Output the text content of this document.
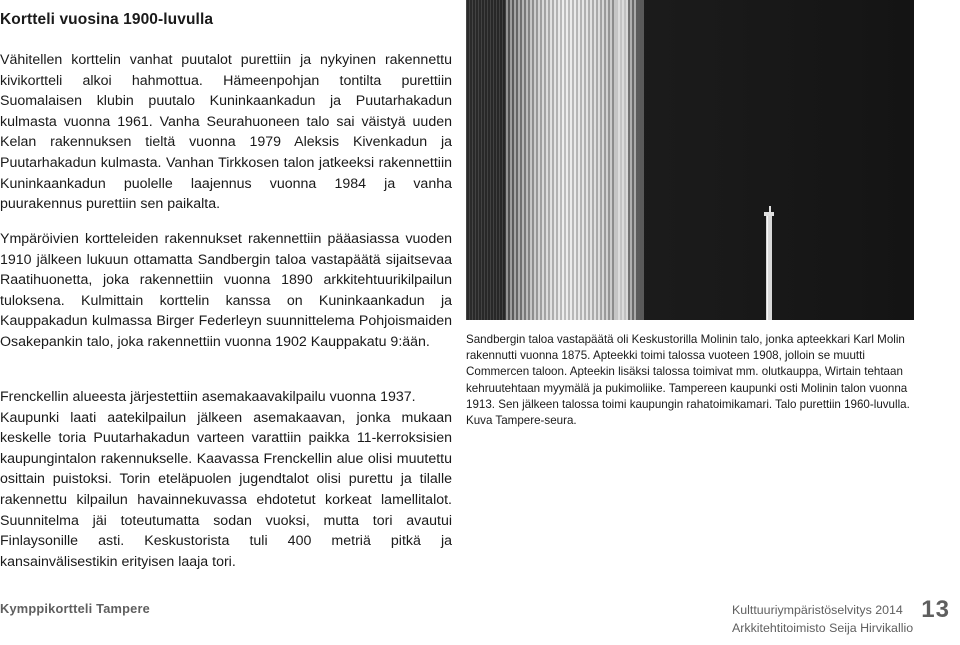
Kortteli vuosina 1900-luvulla

Vähitellen korttelin vanhat puutalot purettiin ja nykyinen rakennettu kivikortteli alkoi hahmottua. Hämeenpohjan tontilta purettiin Suomalaisen klubin puutalo Kuninkaankadun ja Puutarhakadun kulmasta vuonna 1961. Vanha Seurahuoneen talo sai väistyä uuden Kelan rakennuksen tieltä vuonna 1979 Aleksis Kivenkadun ja Puutarhakadun kulmasta. Vanhan Tirkkosen talon jatkeeksi rakennettiin Kuninkaankadun puolelle laajennus vuonna 1984 ja vanha puurakennus purettiin sen paikalta.

Ympäröivien kortteleiden rakennukset rakennettiin pääasiassa vuoden 1910 jälkeen lukuun ottamatta Sandbergin taloa vastapäätä sijaitsevaa Raatihuonetta, joka rakennettiin vuonna 1890 arkkitehtuurikilpailun tuloksena. Kulmittain korttelin kanssa on Kuninkaankadun ja Kauppakadun kulmassa Birger Federleyn suunnittelema Pohjoismaiden Osakepankin talo, joka rakennettiin vuonna 1902 Kauppakatu 9:ään.

Frenckellin alueesta järjestettiin asemakaavakilpailu vuonna 1937.
Kaupunki laati aatekilpailun jälkeen asemakaavan, jonka mukaan keskelle toria Puutarhakadun varteen varattiin paikka 11-kerroksisien kaupungintalon rakennukselle. Kaavassa Frenckellin alue olisi muutettu osittain puistoksi. Torin eteläpuolen jugendtalot olisi purettu ja tilalle rakennettu kilpailun havainnekuvassa ehdotetut korkeat lamellitalot. Suunnitelma jäi toteutumatta sodan vuoksi, mutta tori avautui Finlaysonille asti. Keskustorista tuli 400 metriä pitkä ja kansainvälisestikin erityisen laaja tori.

Sandbergin taloa vastapäätä oli Keskustorilla Molinin talo, jonka apteekkari Karl Molin rakennutti vuonna 1875. Apteekki toimi talossa vuoteen 1908, jolloin se muutti Commercen taloon. Apteekin lisäksi talossa toimivat mm. olutkauppa, Wirtain tehtaan kehruutehtaan myymälä ja pukimoliike. Tampereen kaupunki osti Molinin talon vuonna 1913. Sen jälkeen talossa toimi kaupungin rahatoimikamari. Talo purettiin 1960-luvulla. Kuva Tampere-seura.

Kymppikortteli Tampere	Kulttuuriympäristöselvitys 2014
Arkkitehtitoimisto Seija Hirvikallio

13
